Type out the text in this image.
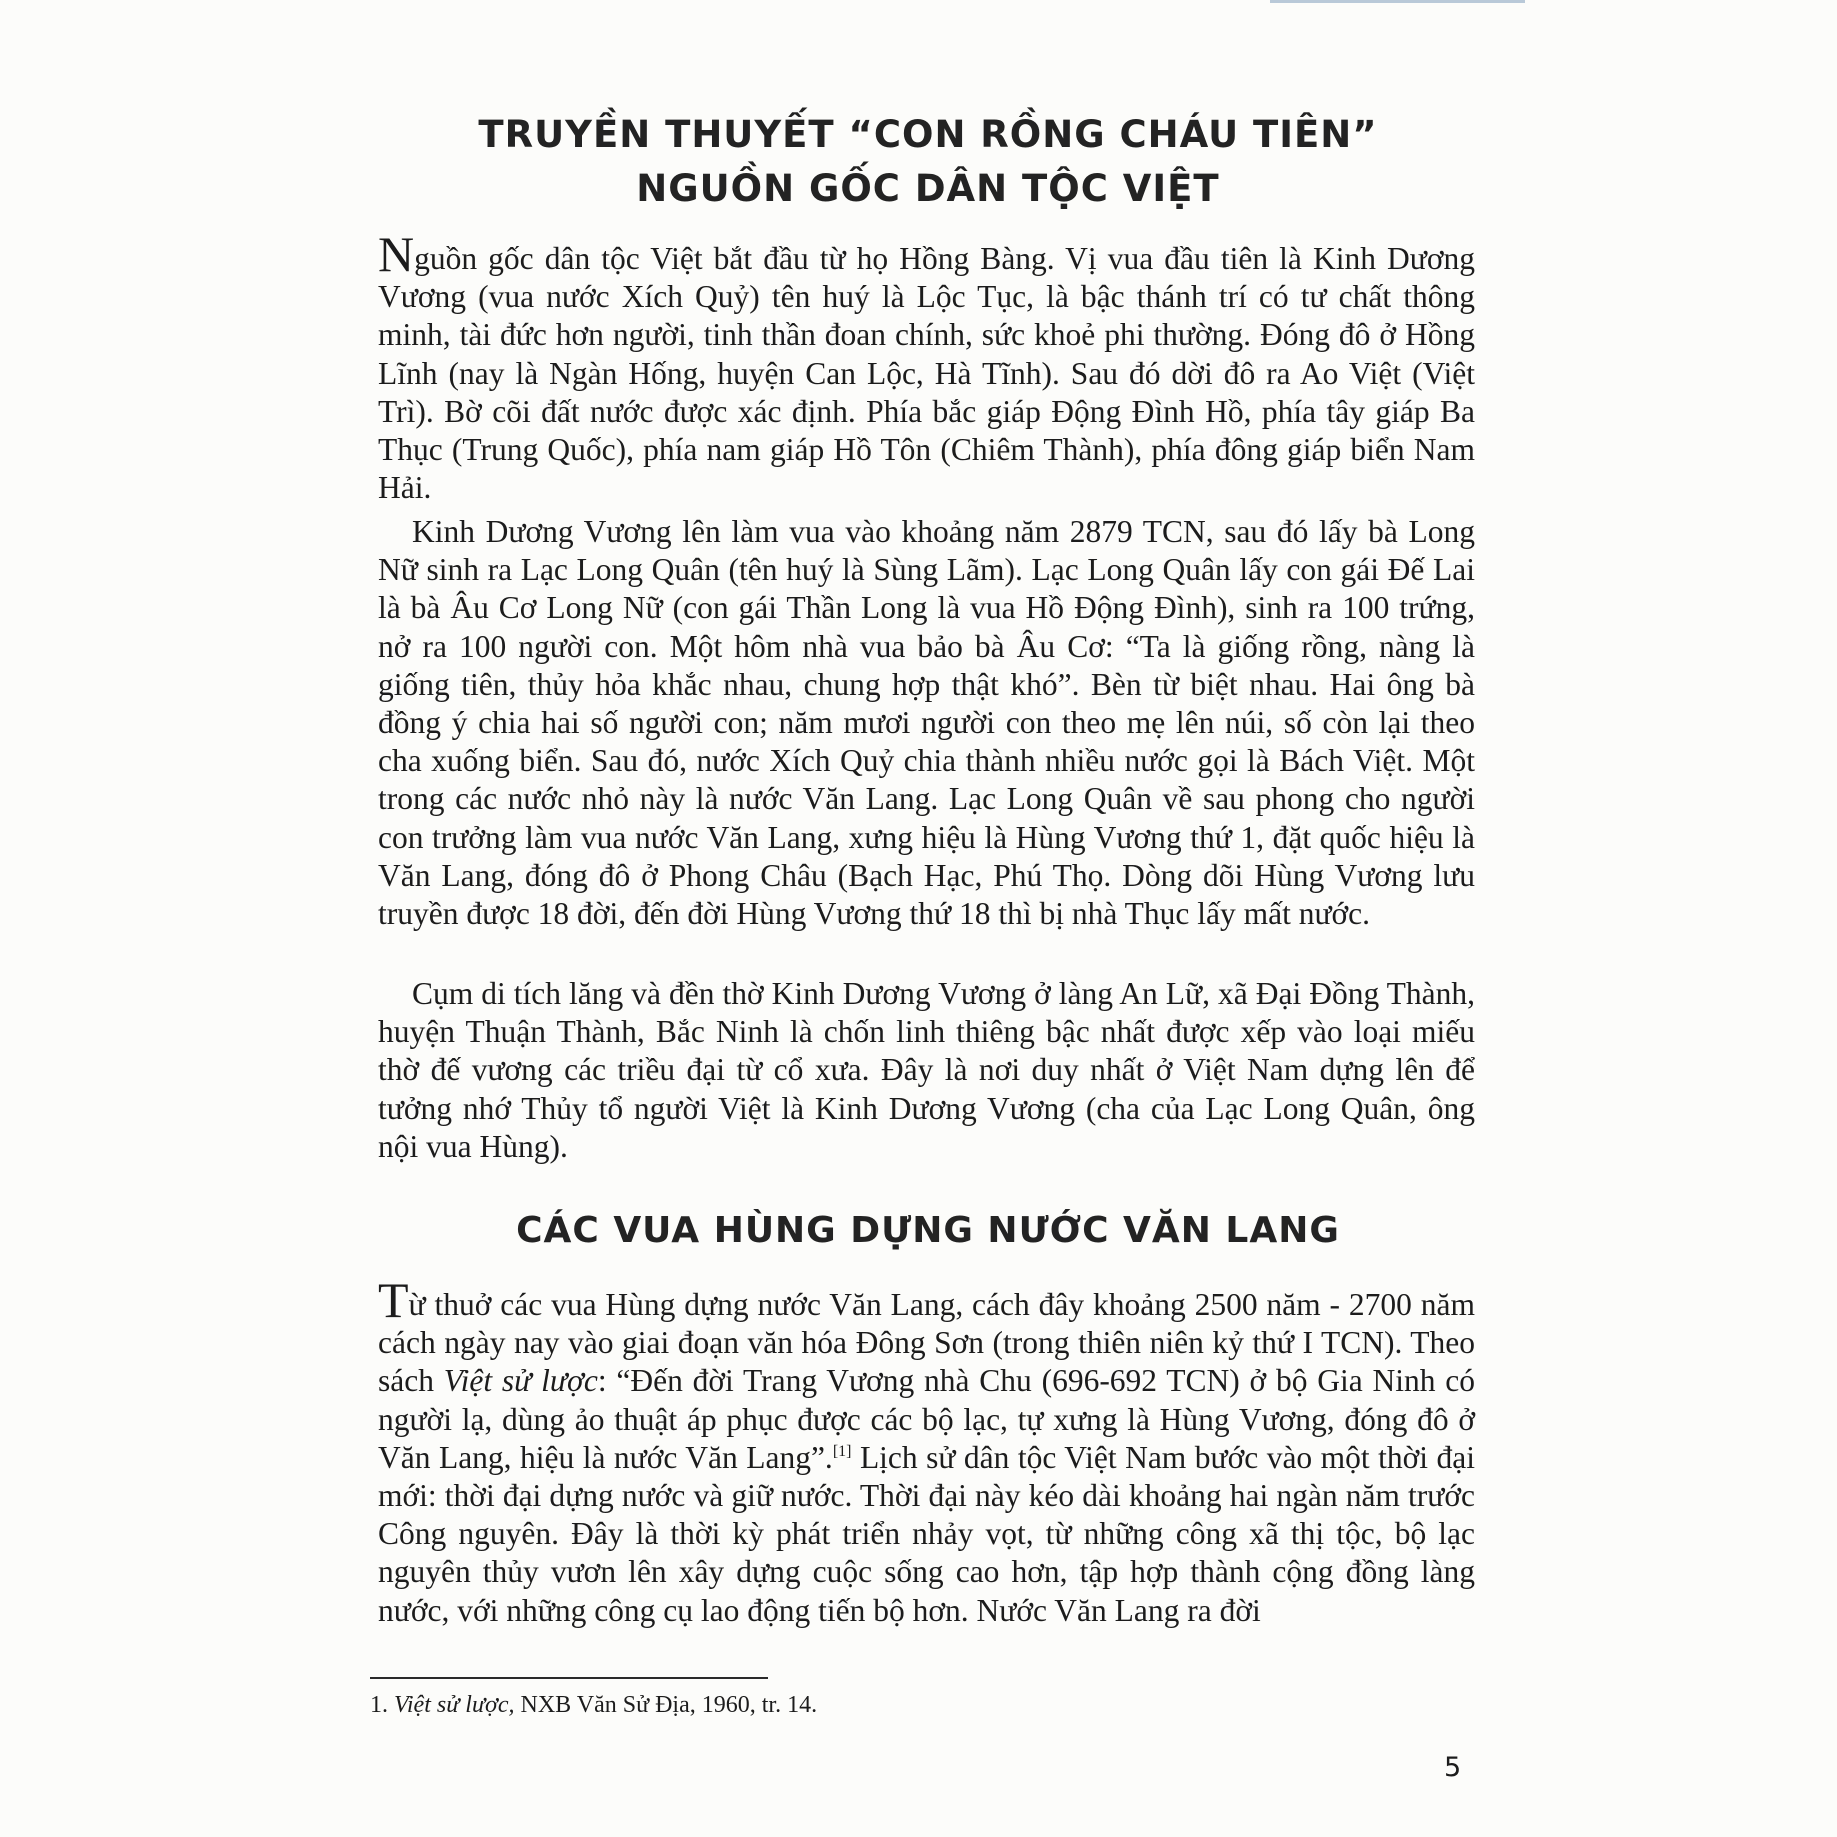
TRUYỀN THUYẾT “CON RỒNG CHÁU TIÊN”
NGUỒN GỐC DÂN TỘC VIỆT
Nguồn gốc dân tộc Việt bắt đầu từ họ Hồng Bàng. Vị vua đầu tiên là Kinh Dương Vương (vua nước Xích Quỷ) tên huý là Lộc Tục, là bậc thánh trí có tư chất thông minh, tài đức hơn người, tinh thần đoan chính, sức khoẻ phi thường. Đóng đô ở Hồng Lĩnh (nay là Ngàn Hống, huyện Can Lộc, Hà Tĩnh). Sau đó dời đô ra Ao Việt (Việt Trì). Bờ cõi đất nước được xác định. Phía bắc giáp Động Đình Hồ, phía tây giáp Ba Thục (Trung Quốc), phía nam giáp Hồ Tôn (Chiêm Thành), phía đông giáp biển Nam Hải.
Kinh Dương Vương lên làm vua vào khoảng năm 2879 TCN, sau đó lấy bà Long Nữ sinh ra Lạc Long Quân (tên huý là Sùng Lãm). Lạc Long Quân lấy con gái Đế Lai là bà Âu Cơ Long Nữ (con gái Thần Long là vua Hồ Động Đình), sinh ra 100 trứng, nở ra 100 người con. Một hôm nhà vua bảo bà Âu Cơ: “Ta là giống rồng, nàng là giống tiên, thủy hỏa khắc nhau, chung hợp thật khó”. Bèn từ biệt nhau. Hai ông bà đồng ý chia hai số người con; năm mươi người con theo mẹ lên núi, số còn lại theo cha xuống biển. Sau đó, nước Xích Quỷ chia thành nhiều nước gọi là Bách Việt. Một trong các nước nhỏ này là nước Văn Lang. Lạc Long Quân về sau phong cho người con trưởng làm vua nước Văn Lang, xưng hiệu là Hùng Vương thứ 1, đặt quốc hiệu là Văn Lang, đóng đô ở Phong Châu (Bạch Hạc, Phú Thọ. Dòng dõi Hùng Vương lưu truyền được 18 đời, đến đời Hùng Vương thứ 18 thì bị nhà Thục lấy mất nước.
Cụm di tích lăng và đền thờ Kinh Dương Vương ở làng An Lữ, xã Đại Đồng Thành, huyện Thuận Thành, Bắc Ninh là chốn linh thiêng bậc nhất được xếp vào loại miếu thờ đế vương các triều đại từ cổ xưa. Đây là nơi duy nhất ở Việt Nam dựng lên để tưởng nhớ Thủy tổ người Việt là Kinh Dương Vương (cha của Lạc Long Quân, ông nội vua Hùng).
CÁC VUA HÙNG DỰNG NƯỚC VĂN LANG
Từ thuở các vua Hùng dựng nước Văn Lang, cách đây khoảng 2500 năm - 2700 năm cách ngày nay vào giai đoạn văn hóa Đông Sơn (trong thiên niên kỷ thứ I TCN). Theo sách Việt sử lược: “Đến đời Trang Vương nhà Chu (696-692 TCN) ở bộ Gia Ninh có người lạ, dùng ảo thuật áp phục được các bộ lạc, tự xưng là Hùng Vương, đóng đô ở Văn Lang, hiệu là nước Văn Lang”.[1] Lịch sử dân tộc Việt Nam bước vào một thời đại mới: thời đại dựng nước và giữ nước. Thời đại này kéo dài khoảng hai ngàn năm trước Công nguyên. Đây là thời kỳ phát triển nhảy vọt, từ những công xã thị tộc, bộ lạc nguyên thủy vươn lên xây dựng cuộc sống cao hơn, tập hợp thành cộng đồng làng nước, với những công cụ lao động tiến bộ hơn. Nước Văn Lang ra đời
1. Việt sử lược, NXB Văn Sử Địa, 1960, tr. 14.
5
